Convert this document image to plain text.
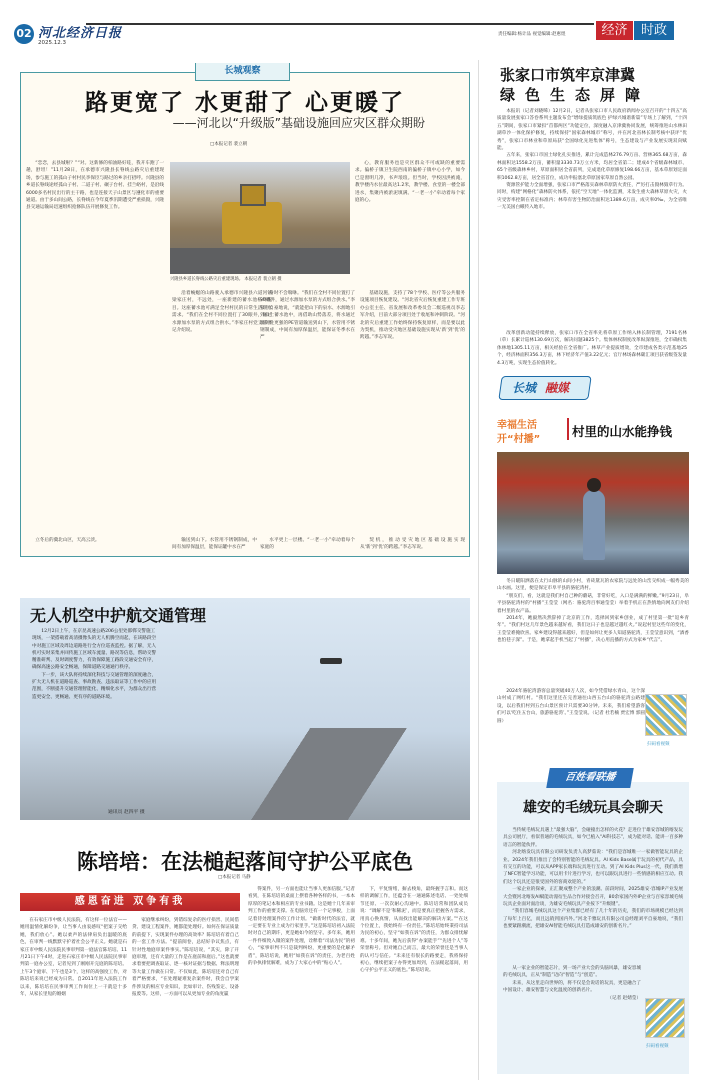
02 河北经济日报
2025.12.3
责任编辑:杨计品 视觉编辑:赵惠煜	经济	时政
长城观察
路更宽了 水更甜了 心更暖了
——河北以“升级版”基础设施回应灾区群众期盼
□本报记者 裴立朝

“恋恋，去县城啦？”“对。这新修的柏油路好哇，我开车跑了一趟，舒坦！”11月28日，在承德市兴隆县长脊线公路灾后重建现场，参与施工的孤山子村村民李保臣与路过的乡亲打招呼。兴隆县的乡道长脊线途经孤山子村、二道子村、碾子台村、挂兰峪村，是沿线6000多名村民出行的主干路，也是连接天子山景区与遵化市的重要通道。由于多山间公路，长脊线在今年夏季汛期遭受严重损毁，兴隆县交通运输局迅速组织抢修队伍开展修复工作。

兴隆县乡道长脊线公路灾后重建现场。 本报记者 裴立朝 摄

心，教育服务也是灾区群众不可或缺的重要需求。偏桥子镇卫生院西南的偏桥子镇中心小学，如今已是窗明几净，书声琅琅。但当时，学校因洪被淹，教学楼内水位最高达1.2米，教学楼、食堂的一楼全部进水，集聚内被淤泥填满。“一老一小”牵动着每个家庭的心。

沿着蜿蜒的山路驶入承德市兴隆县六道河镇梁家庄村，不远处，一座新建的蓄水池格外醒目。这座蓄水池可满足全村村民的日常生活用水需求。“我们在全村不同位置打了30眼井，通过水源加水泵的方式组合供水。”李家庄村党支部书记介绍说。

身时不会喘咻。“我们在全村不同位置打了30眼井，通过水源加水泵的方式组合供水。”李家月自豪地说，“就能把山下的泉水、水源地引到山上蓄水池中，再借助山势落差，将水通过柔韧性更强的PE管道输送到山下，水管用不锈钢制成，中间有加厚保温层，能保证冬季水在严

基础设施，支持了78个学校、医疗等公共服务设施项目恢复建设。“河北省灾后恢复重建工作专班办公室主任、省发展和改革委员会二级巡视员李志军介绍，目前大部分项目处于收尾和冲刺阶段。“河北的灾后重建工作始终保持恢复原样，而是要以此为契机，推动受灾地区基础设施实现从‘新’到‘优’的跨越。”李志军说。

立冬后的冀北山区，天高云淡。	输送到山下。水管用不锈钢制成，中间有加厚保温层，能保证罐中水在严

水平更上一层楼。“一老一小”牵动着每个家庭的

契机，推动受灾地区基础设施实现从‘新’到‘优’的跨越。”李志军说。

张家口市筑牢京津冀
绿色生态屏障

本报讯（记者刘晓晞）12月2日，记者从张家口市人民政府新闻办公室召开的“十四五”高质量发展张家口答卷系列主题发布会“增绿提质筑底色 护绿兴城谱新篇”专场上了解到，“十四五”期间，张家口市紧扣“首都两区”功能定位，深度融入京津冀协同发展，统筹推进山水林田湖草沙一体化保护修复，持续保持“国家森林城市”称号，并在河北省林长制考核中获评“优秀”，张家口市林业和草原局获“全国绿化先进集体”称号，生态建设与产业发展实现双向赋能。

五年来，张家口市国土绿化扎实推进，累计完成造林276.79万亩、营林365.68万亩，森林面积达1558.2万亩，蓄积量3330.73万立方米，均居全省第二；建成4个省级森林城市、65个省级森林乡村，草原面积居全省前列，完成退化草原修复198.66万亩，基本草原划定面积1062.8万亩，居全省首位，成功申报塞北草原国家草原自然公园。

资源管护能力全面增强，张家口市严格落实森林草原防火责任，严厉打击毁林毁草行为。同时，构建“网格化”森林防火体系，依托“空天地”一体化监测，未发生重大森林草原火灾，火灾受害率控制在省定标准内；林草有害生物防治面积达1389.6万亩，成灾率0‰，为全省唯一无美国白蛾传入地市。

改革创新动能持续释放，张家口市在全省率先将草原工作纳入林长制管理，7191名林（草）长累计巡林130.69万次，解决问题3825个。集体林权制度改革纵深推进，全市确权集体林地1305.11万亩，相关经验在全省推广。林草产业提质增效，全市建成各类示范基地25个，经济林面积356.3万亩，林下经济年产值3.22亿元；官厅林场森林碳汇项目获省级签发量4.3万吨，实现生态价值转化。

长城 融媒
幸福生活
开“村播”
村里的山水能挣钱

冬日暖阳洒落在太行山脉的山间小村，青砖黛瓦的农家院与远处的山峦交织成一幅秀美的山水画。这里，便是保定市阜平县的骆驼湾村。

“朋友们，看，这就是我们村自己种的蘑菇，非常好吃，入口是满满的鲜嫩。”9月23日，阜平县骆驼湾村的“村播”王莹莹（网名：骆驼湾百事通莹莹）举着手机正在热情地向网友们介绍着村里的农产品。

2014年，她毅然决然辞掉了北京的工作，选择回到家乡创业，成了村里第一批“返乡青年”。“我们村这几年景色越来越好看，我们这日子也是越过越红火。”说起村里这些年的变化，王莹莹难掩欣喜。家乡建设得越来越好，但是如何让更多人知道骆驼湾，王莹莹意识到，“酒香也怕巷子深”。于是，她拿起手机当起了“村播”，决心用直播的方式为家乡“代言”。

2024年骆驼湾游客总量突破40万人次，如今凭借绿水青山，这个深山村成了网红村。“我们这里还在完善通往山西五台山的骆驼湾公路建设，以后我们村到五台山景区预计只需要30分钟。未来，我们希望游客们可以‘吃住五台山，旅游骆驼湾’。”王莹莹说。（记者 杜若楠 贾宏博 郭圆圆）

扫码看视频
百姓看联播
雄安的毛绒玩具会聊天

当传统毛绒玩具遇上“最强大脑”，会碰撞出怎样的火花？走进位于雄安容城的喀发玩具公司展厅，看似普通的毛绒玩具，如今已植入“AI科技芯”，成为能对话、能讲一百多种语言的智能伙伴。

河北喀发玩具有限公司研发负责人高梦茹说：“我们是容城唯一一家做智能玩具的企业。2024年我们推出了会特别智能的毛绒玩具。AI Kids Base属于玩具的初代产品，具有交互的功能，可以从APP家长端和玩具进行互动。到了AI Kids Plus这一代，我们新增了NFC智能学习功能，可以用卡片进行学习，也可以跟玩具进行一些情感的相应互动。我们这个玩具还是很受国外的客商欢迎的。”

一家企业的探索，正汇聚成整个产业的浪潮。前段时间，2025雄安·容城IP产业发展大会暨河北喀发AI赋能动漫衍生品合作对接会召开，80余家国内外IP企业与百家容城毛绒玩具企业面对面洽谈，为雄安毛绒玩具产业按下“升级键”。

“我们容城毛绒玩具这个产业集群已经有了几十年的历史，我们的市场规模已经达到了每年上百亿，而且远销到国内外。”河北千雅玩具有限公司总经理刘平自豪地说，“我们也要紧跟潮流，把雄安AI智能毛绒玩具打造成雄安的创新名片。”

从一家企业的智能芯片，到一场产业大会的头脑风暴，雄安容城的毛绒玩具，正从“制造”迈向“智造”与“创造”。

未来，从这里走向世界的，将不仅是会说话的玩具，更是融合了中国设计、雄安智慧与文化温度的创新名片。

（记者 赵婧莹）

扫码看视频
无人机空中护航交通管理

12月2日上午，在京昆高速公路206公里处邯郸交警施工现场，一架搭载着高清摄像头的无人机腾空而起，在该路段空中对施工区域及周边道路进行全方位巡查监控。据了解，无人机可实时采集并回传施工区域车流量、路况等信息，帮助交警精准研判、及时调度警力，有效保障施工路段交通安全有序，确保高速公路安全畅通，保障道路交通通行秩序。

下一步，该大队将持续深化科技与交通管理的深度融合，扩大无人机在道路巡查、事故勘查、违法取证等工作中的应用范围，不断提升交通管理智能化、精细化水平，为群众出行营造更安全、更畅通、更有序的道路环境。

通讯员 赵四平 摄
陈培培：在法槌起落间守护公平底色
□本报记者 马静
感恩奋进 双争有我

在石家庄市中级人民法院，有这样一位法官——她用温情化解纷争，让当事人由衷感叹“把案子交给她，我们放心”。她以柔声的法律肩负出温暖的底色，在审判一线默默守护着社会公平正义。她就是石家庄市中级人民法院民事审判第一庭法官陈培培。11月21日下午4时，走进石家庄市中级人民法院民事审判第一庭办公室，记者见到了刚刚开完庭的陈培培。上午3个庭审、下午也是3个，这样的高强度工作，对陈培培来说已经成为日常。自2011年进入法院工作以来，陈培培在民事审判工作岗位上一干就是十多年，从家长里短的婚姻

家庭继承纠纷，到错综复杂的医疗损害、民间借贷、建设工程案件，她都能处理好。如何在保证质量的前提下，实现案件办理的高效率？陈培培有着自己的一套工作方法。“提前阅卷，总结好争议焦点，有针对性地庭审案件事实。”陈培培说，“其实，除了开庭审理，还有大量的工作是在庭前和庭后。”这也就要求着要把调查取证、逐一核对证据与数据、释法明理等大量工作做在日常。不仅如此，陈培培还对自己有着严格要求，“在处理疑难复杂案件时，我会自学案件涉及的相应专业知识，比如审计、伤残鉴定、设备报废等。这样，一方面可以从更加专业的角度赢

得案件，另一方面也能让当事人更加信服。”记者看到，在陈培培的桌面上摆着各种各样的书，一本本厚厚的笔记本和相应的专业书籍。这是她十几年来审判工作的重要支撑。在电脑旁还有一个记事板，上面记着待处理案件的工作计划。“做新时代的法官，就一定要在专业上成为行家里手。”这是陈培培初入法院时对自己的期许，更是她如今的坚守。多年来，她用一件件细致入微的案件处理，诠释着“司法为民”的初心，“家事审判不只是裁判纠纷，更重要的是化解矛盾”，陈培培说，她用“如我在诉”的责任，为老百姓的争执排忧解难，成为了大家心中的“贴心人”。

下，平复情绪，摒去棱角，最终握手言和。而这样的调解工作，还蕴含在一通通陈述电话、一处处细节还原、一次次耐心沟通中。陈培培常和团队成员说：“调解不是‘和稀泥’，而是要真正把握各方需求，用真心换真情，从而找出能解决的解决方案。”“在这个位置上，我始终有一份责任。”陈培培始终秉持司法为民的初心，坚守“如我在诉”的责任，为群众排忧解难。十多年间，她先后获得“办案能手”“先进个人”等荣誉称号。但对她自己而言，最大的荣誉还是当事人的认可与信任。“未来还有很长的路要走，我将保持初心，继续把案子办得更加周到，在法槌起落间，用心守护公平正义的底色。”陈培培说。
